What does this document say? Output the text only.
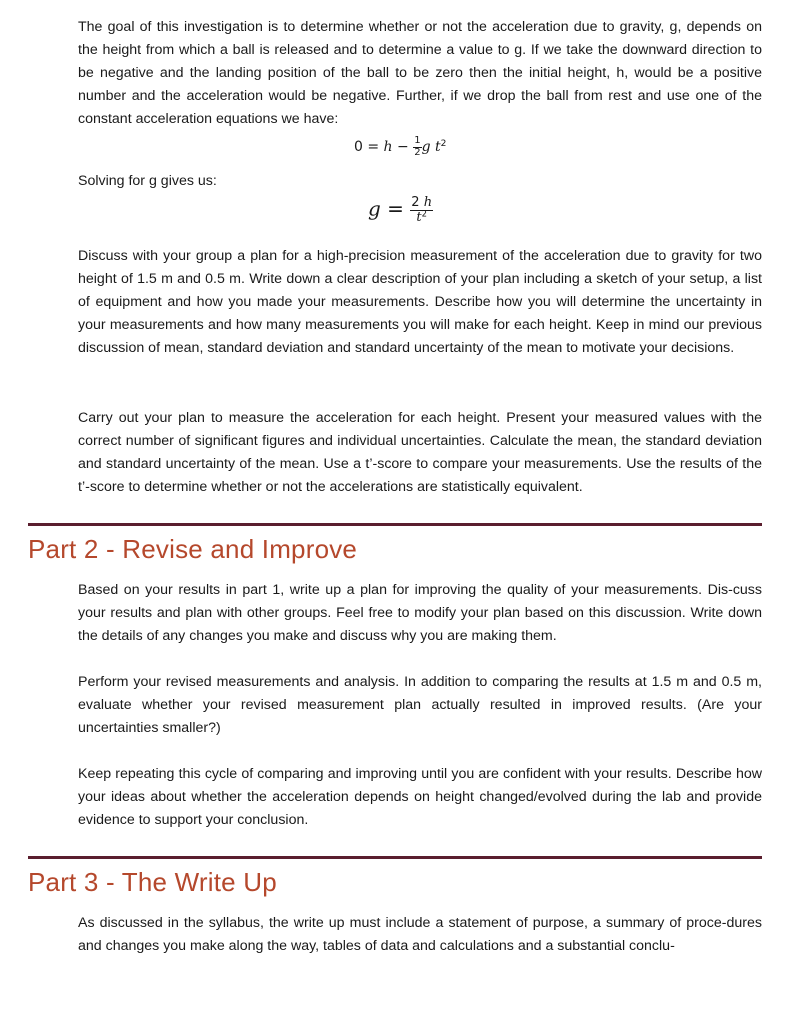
The goal of this investigation is to determine whether or not the acceleration due to gravity, g, depends on the height from which a ball is released and to determine a value to g. If we take the downward direction to be negative and the landing position of the ball to be zero then the initial height, h, would be a positive number and the acceleration would be negative. Further, if we drop the ball from rest and use one of the constant acceleration equations we have:

$0 = h - \frac{1}{2}$ g $t^2$

Solving for g gives us:

$g = \frac{2 h}{t^2}$

Discuss with your group a plan for a high-precision measurement of the acceleration due to gravity for two height of 1.5 m and 0.5 m. Write down a clear description of your plan including a sketch of your setup, a list of equipment and how you made your measurements. Describe how you will determine the uncertainty in your measurements and how many measurements you will make for each height. Keep in mind our previous discussion of mean, standard deviation and standard uncertainty of the mean to motivate your decisions.

Carry out your plan to measure the acceleration for each height. Present your measured values with the correct number of significant figures and individual uncertainties. Calculate the mean, the standard deviation and standard uncertainty of the mean. Use a t’-score to compare your measurements. Use the results of the t’-score to determine whether or not the accelerations are statistically equivalent.

Part 2 - Revise and Improve

Based on your results in part 1, write up a plan for improving the quality of your measurements. Dis-cuss your results and plan with other groups. Feel free to modify your plan based on this discussion. Write down the details of any changes you make and discuss why you are making them.

Perform your revised measurements and analysis. In addition to comparing the results at 1.5 m and 0.5 m, evaluate whether your revised measurement plan actually resulted in improved results. (Are your uncertainties smaller?)

Keep repeating this cycle of comparing and improving until you are confident with your results. Describe how your ideas about whether the acceleration depends on height changed/evolved during the lab and provide evidence to support your conclusion.

Part 3 - The Write Up

As discussed in the syllabus, the write up must include a statement of purpose, a summary of proce-dures and changes you make along the way, tables of data and calculations and a substantial conclu-
